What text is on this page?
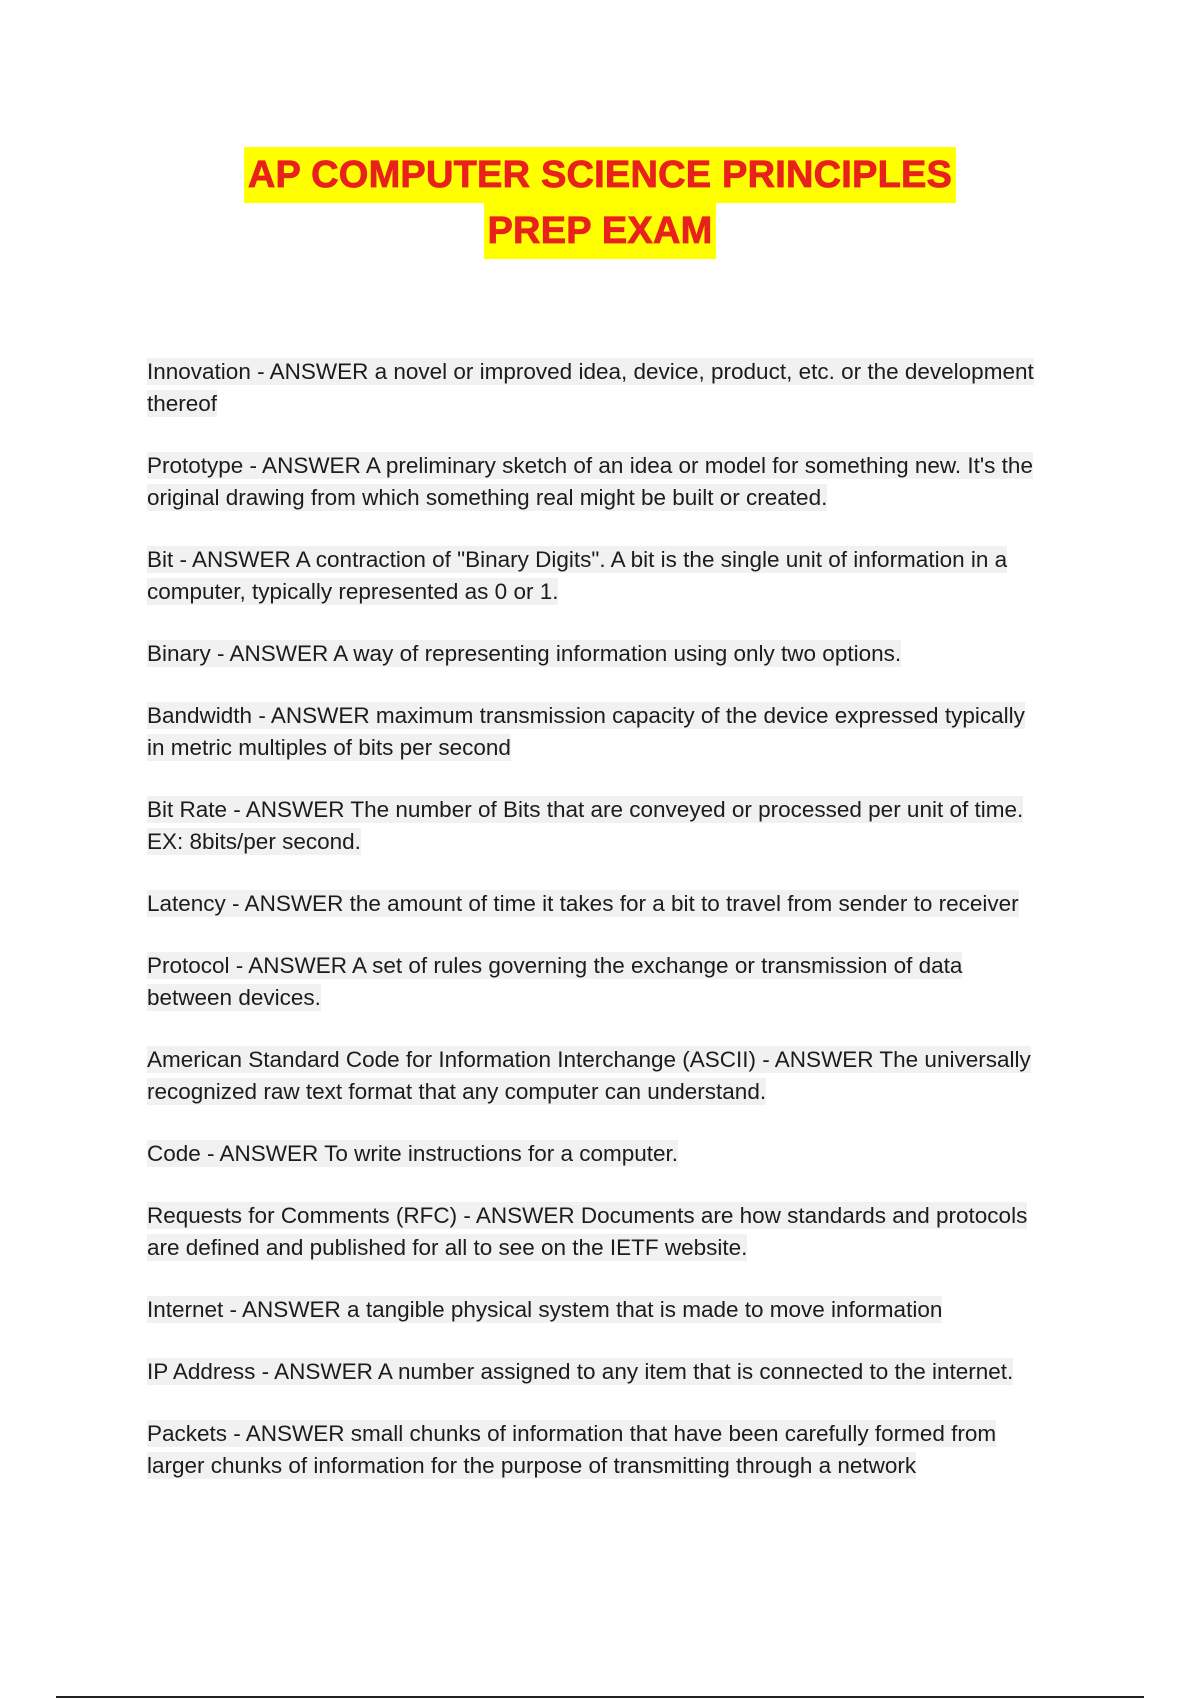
AP COMPUTER SCIENCE PRINCIPLES
PREP EXAM

Innovation - ANSWER a novel or improved idea, device, product, etc. or the development thereof

Prototype - ANSWER A preliminary sketch of an idea or model for something new. It's the original drawing from which something real might be built or created.

Bit - ANSWER A contraction of "Binary Digits". A bit is the single unit of information in a computer, typically represented as 0 or 1.

Binary - ANSWER A way of representing information using only two options.

Bandwidth - ANSWER maximum transmission capacity of the device expressed typically in metric multiples of bits per second

Bit Rate - ANSWER The number of Bits that are conveyed or processed per unit of time. EX: 8bits/per second.

Latency - ANSWER the amount of time it takes for a bit to travel from sender to receiver

Protocol - ANSWER A set of rules governing the exchange or transmission of data between devices.

American Standard Code for Information Interchange (ASCII) - ANSWER The universally recognized raw text format that any computer can understand.

Code - ANSWER To write instructions for a computer.

Requests for Comments (RFC) - ANSWER Documents are how standards and protocols are defined and published for all to see on the IETF website.

Internet - ANSWER a tangible physical system that is made to move information

IP Address - ANSWER A number assigned to any item that is connected to the internet.

Packets - ANSWER small chunks of information that have been carefully formed from larger chunks of information for the purpose of transmitting through a network
